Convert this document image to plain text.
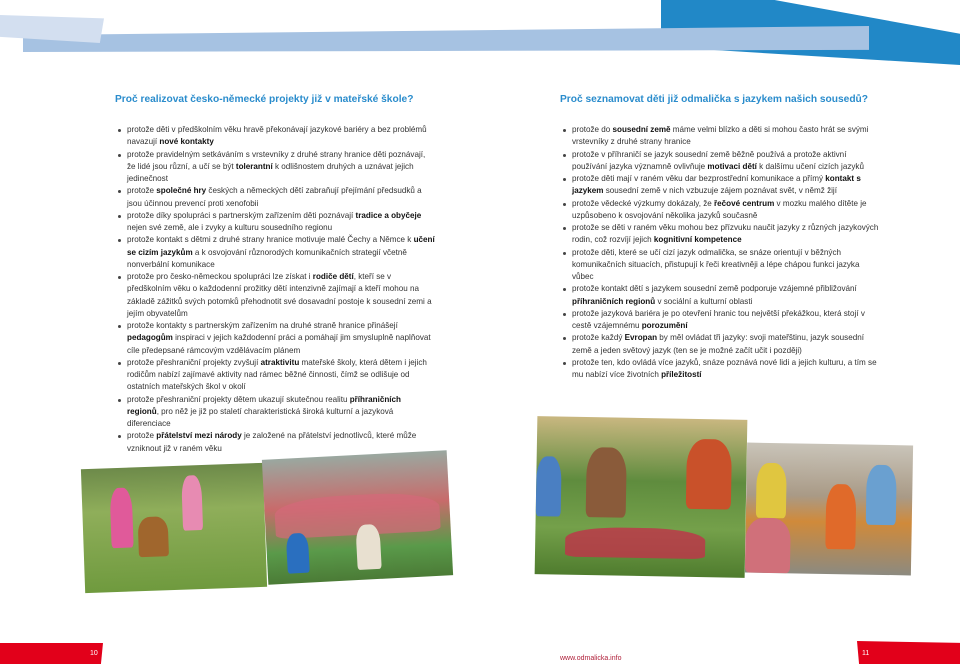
Proč realizovat česko-německé projekty již v mateřské škole?
protože děti v předškolním věku hravě překonávají jazykové bariéry a bez problémů navazují nové kontakty
protože pravidelným setkáváním s vrstevníky z druhé strany hranice děti poznávají, že lidé jsou různí, a učí se být tolerantní k odlišnostem druhých a uznávat jejich jedinečnost
protože společné hry českých a německých dětí zabraňují přejímání předsudků a jsou účinnou prevencí proti xenofobii
protože díky spolupráci s partnerským zařízením děti poznávají tradice a obyčeje nejen své země, ale i zvyky a kulturu sousedního regionu
protože kontakt s dětmi z druhé strany hranice motivuje malé Čechy a Němce k učení se cizím jazykům a k osvojování různorodých komunikačních strategií včetně nonverbální komunikace
protože pro česko-německou spolupráci lze získat i rodiče dětí, kteří se v předškolním věku o každodenní prožitky dětí intenzivně zajímají a kteří mohou na základě zážitků svých potomků přehodnotit své dosavadní postoje k sousední zemi a jejím obyvatelům
protože kontakty s partnerským zařízením na druhé straně hranice přinášejí pedagogům inspiraci v jejich každodenní práci a pomáhají jim smysluplně naplňovat cíle předepsané rámcovým vzdělávacím plánem
protože přeshraniční projekty zvyšují atraktivitu mateřské školy, která dětem i jejich rodičům nabízí zajímavé aktivity nad rámec běžné činnosti, čímž se odlišuje od ostatních mateřských škol v okolí
protože přeshraniční projekty dětem ukazují skutečnou realitu příhraničních regionů, pro něž je již po staletí charakteristická široká kulturní a jazyková diferenciace
protože přátelství mezi národy je založené na přátelství jednotlivců, které může vzniknout již v raném věku
Proč seznamovat děti již odmalička s jazykem našich sousedů?
protože do sousední země máme velmi blízko a děti si mohou často hrát se svými vrstevníky z druhé strany hranice
protože v příhraničí se jazyk sousední země běžně používá a protože aktivní používání jazyka významně ovlivňuje motivaci dětí k dalšímu učení cizích jazyků
protože děti mají v raném věku dar bezprostřední komunikace a přímý kontakt s jazykem sousední země v nich vzbuzuje zájem poznávat svět, v němž žijí
protože vědecké výzkumy dokázaly, že řečové centrum v mozku malého dítěte je uzpůsobeno k osvojování několika jazyků současně
protože se děti v raném věku mohou bez přízvuku naučit jazyky z různých jazykových rodin, což rozvíjí jejich kognitivní kompetence
protože děti, které se učí cizí jazyk odmalička, se snáze orientují v běžných komunikačních situacích, přistupují k řeči kreativněji a lépe chápou funkci jazyka vůbec
protože kontakt dětí s jazykem sousední země podporuje vzájemné přibližování příhraničních regionů v sociální a kulturní oblasti
protože jazyková bariéra je po otevření hranic tou největší překážkou, která stojí v cestě vzájemnému porozumění
protože každý Evropan by měl ovládat tři jazyky: svoji mateřštinu, jazyk sousední země a jeden světový jazyk (ten se je možné začít učit i později)
protože ten, kdo ovládá více jazyků, snáze poznává nové lidi a jejich kulturu, a tím se mu nabízí více životních příležitostí
10	11
www.odmalicka.info
